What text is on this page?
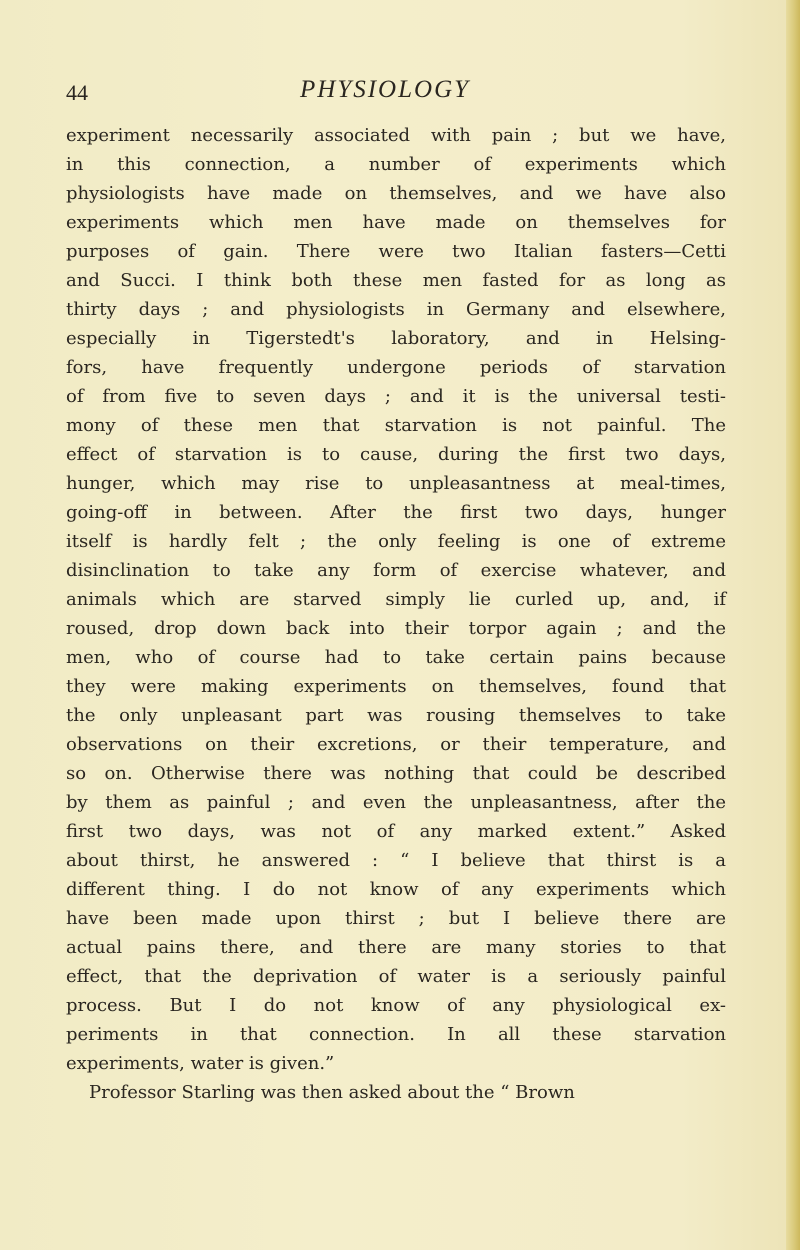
44	PHYSIOLOGY

experiment necessarily associated with pain ; but we have,
in this connection, a number of experiments which
physiologists have made on themselves, and we have also
experiments which men have made on themselves for
purposes of gain. There were two Italian fasters—Cetti
and Succi. I think both these men fasted for as long as
thirty days ; and physiologists in Germany and elsewhere,
especially in Tigerstedt's laboratory, and in Helsing-
fors, have frequently undergone periods of starvation
of from five to seven days ; and it is the universal testi-
mony of these men that starvation is not painful. The
effect of starvation is to cause, during the first two days,
hunger, which may rise to unpleasantness at meal-times,
going-off in between. After the first two days, hunger
itself is hardly felt ; the only feeling is one of extreme
disinclination to take any form of exercise whatever, and
animals which are starved simply lie curled up, and, if
roused, drop down back into their torpor again ; and the
men, who of course had to take certain pains because
they were making experiments on themselves, found that
the only unpleasant part was rousing themselves to take
observations on their excretions, or their temperature, and
so on. Otherwise there was nothing that could be described
by them as painful ; and even the unpleasantness, after the
first two days, was not of any marked extent.” Asked
about thirst, he answered : “ I believe that thirst is a
different thing. I do not know of any experiments which
have been made upon thirst ; but I believe there are
actual pains there, and there are many stories to that
effect, that the deprivation of water is a seriously painful
process. But I do not know of any physiological ex-
periments in that connection. In all these starvation
experiments, water is given.”
Professor Starling was then asked about the “ Brown
